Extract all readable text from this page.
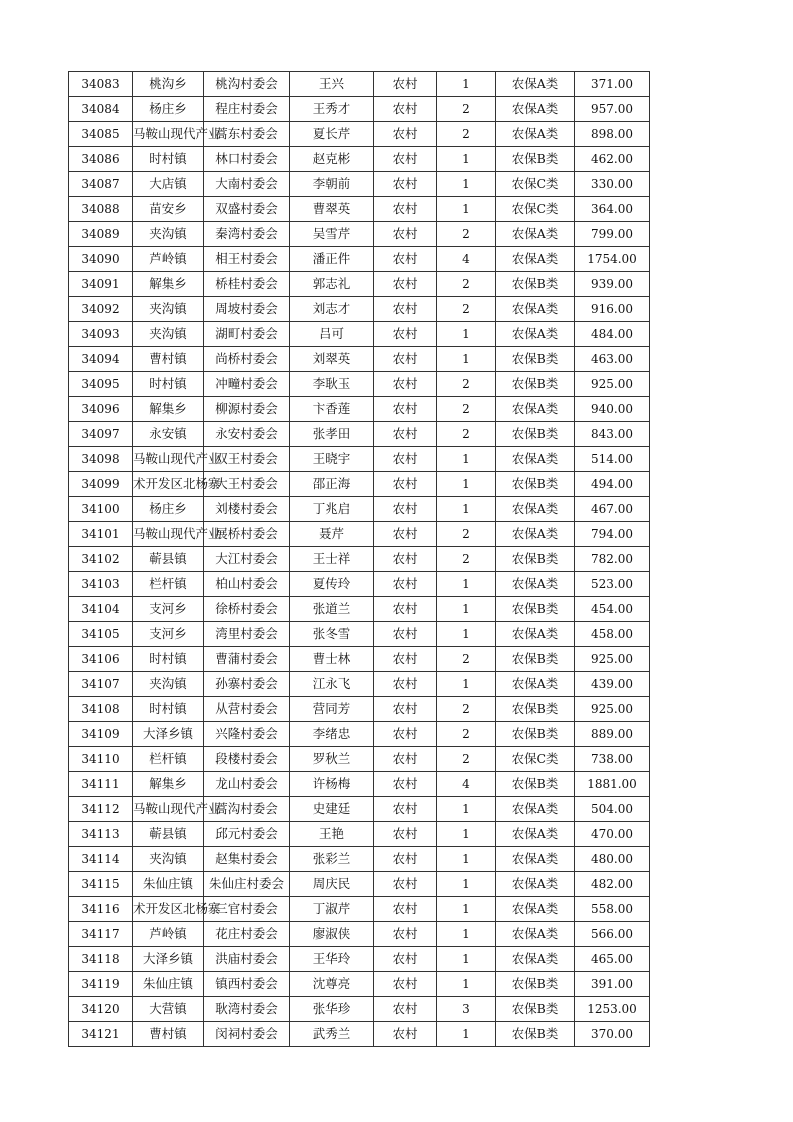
34083	桃沟乡	桃沟村委会	王兴	农村	1	农保A类	371.00
34084	杨庄乡	程庄村委会	王秀才	农村	2	农保A类	957.00
34085	马鞍山现代产业	蒿东村委会	夏长芹	农村	2	农保A类	898.00
34086	时村镇	林口村委会	赵克彬	农村	1	农保B类	462.00
34087	大店镇	大南村委会	李朝前	农村	1	农保C类	330.00
34088	苗安乡	双盛村委会	曹翠英	农村	1	农保C类	364.00
34089	夹沟镇	秦湾村委会	吴雪芹	农村	2	农保A类	799.00
34090	芦岭镇	相王村委会	潘正件	农村	4	农保A类	1754.00
34091	解集乡	桥桂村委会	郭志礼	农村	2	农保B类	939.00
34092	夹沟镇	周坡村委会	刘志才	农村	2	农保A类	916.00
34093	夹沟镇	湖町村委会	吕可	农村	1	农保A类	484.00
34094	曹村镇	尚桥村委会	刘翠英	农村	1	农保B类	463.00
34095	时村镇	冲疃村委会	李耿玉	农村	2	农保B类	925.00
34096	解集乡	柳源村委会	卞香莲	农村	2	农保A类	940.00
34097	永安镇	永安村委会	张孝田	农村	2	农保B类	843.00
34098	马鞍山现代产业	双王村委会	王晓宇	农村	1	农保A类	514.00
34099	术开发区北杨寨	大王村委会	邵正海	农村	1	农保B类	494.00
34100	杨庄乡	刘楼村委会	丁兆启	农村	1	农保A类	467.00
34101	马鞍山现代产业	展桥村委会	聂芹	农村	2	农保A类	794.00
34102	蕲县镇	大江村委会	王士祥	农村	2	农保B类	782.00
34103	栏杆镇	柏山村委会	夏传玲	农村	1	农保A类	523.00
34104	支河乡	徐桥村委会	张道兰	农村	1	农保B类	454.00
34105	支河乡	湾里村委会	张冬雪	农村	1	农保A类	458.00
34106	时村镇	曹蒲村委会	曹士林	农村	2	农保B类	925.00
34107	夹沟镇	孙寨村委会	江永飞	农村	1	农保A类	439.00
34108	时村镇	从营村委会	营同芳	农村	2	农保B类	925.00
34109	大泽乡镇	兴隆村委会	李绪忠	农村	2	农保B类	889.00
34110	栏杆镇	段楼村委会	罗秋兰	农村	2	农保C类	738.00
34111	解集乡	龙山村委会	许杨梅	农村	4	农保B类	1881.00
34112	马鞍山现代产业	蒿沟村委会	史建廷	农村	1	农保A类	504.00
34113	蕲县镇	邱元村委会	王艳	农村	1	农保A类	470.00
34114	夹沟镇	赵集村委会	张彩兰	农村	1	农保A类	480.00
34115	朱仙庄镇	朱仙庄村委会	周庆民	农村	1	农保A类	482.00
34116	术开发区北杨寨	三官村委会	丁淑芹	农村	1	农保A类	558.00
34117	芦岭镇	花庄村委会	廖淑侠	农村	1	农保A类	566.00
34118	大泽乡镇	洪庙村委会	王华玲	农村	1	农保A类	465.00
34119	朱仙庄镇	镇西村委会	沈尊亮	农村	1	农保B类	391.00
34120	大营镇	耿湾村委会	张华珍	农村	3	农保B类	1253.00
34121	曹村镇	闵祠村委会	武秀兰	农村	1	农保B类	370.00
